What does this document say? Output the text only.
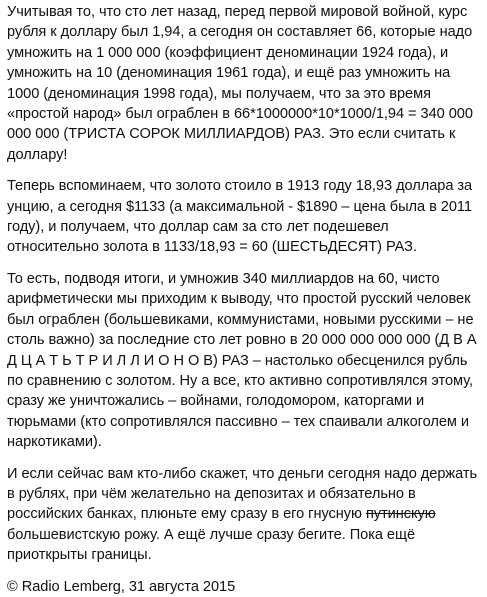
Учитывая то, что сто лет назад, перед первой мировой войной, курс рубля к доллару был 1,94, а сегодня он составляет 66, которые надо умножить на 1 000 000 (коэффициент деноминации 1924 года), и умножить на 10 (деноминация 1961 года), и ещё раз умножить на 1000 (деноминация 1998 года), мы получаем, что за это время «простой народ» был ограблен в 66*1000000*10*1000/1,94 = 340 000 000 000 (ТРИСТА СОРОК МИЛЛИАРДОВ) РАЗ. Это если считать к доллару!

Теперь вспоминаем, что золото стоило в 1913 году 18,93 доллара за унцию, а сегодня $1133 (а максимальной - $1890 – цена была в 2011 году), и получаем, что доллар сам за сто лет подешевел относительно золота в 1133/18,93 = 60 (ШЕСТЬДЕСЯТ) РАЗ.

То есть, подводя итоги, и умножив 340 миллиардов на 60, чисто арифметически мы приходим к выводу, что простой русский человек был ограблен (большевиками, коммунистами, новыми русскими – не столь важно) за последние сто лет ровно в 20 000 000 000 000 (Д В А Д Ц А Т Ь Т Р И Л Л И О Н О В) РАЗ – настолько обесценился рубль по сравнению с золотом. Ну а все, кто активно сопротивлялся этому, сразу же уничтожались – войнами, голодомором, каторгами и тюрьмами (кто сопротивлялся пассивно – тех спаивали алкоголем и наркотиками).

И если сейчас вам кто-либо скажет, что деньги сегодня надо держать в рублях, при чём желательно на депозитах и обязательно в российских банках, плюньте ему сразу в его гнусную путинскую большевистскую рожу. А ещё лучше сразу бегите. Пока ещё приоткрыты границы.

© Radio Lemberg, 31 августа 2015
